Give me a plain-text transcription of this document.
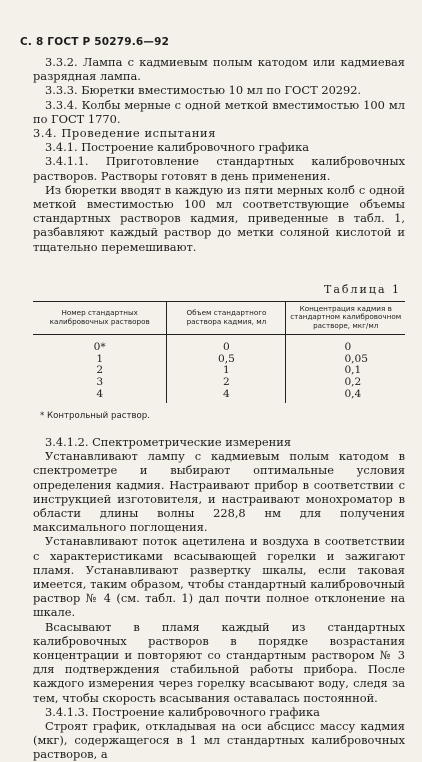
С. 8 ГОСТ Р 50279.6—92

3.3.2. Лампа с кадмиевым полым катодом или кадмиевая разрядная лампа.

3.3.3. Бюретки вместимостью 10 мл по ГОСТ 20292.

3.3.4. Колбы мерные с одной меткой вместимостью 100 мл по ГОСТ 1770.

3.4. Проведение испытания

3.4.1. Построение калибровочного графика

3.4.1.1. Приготовление стандартных калибровочных растворов. Растворы готовят в день применения.

Из бюретки вводят в каждую из пяти мерных колб с одной меткой вместимостью 100 мл соответствующие объемы стандартных растворов кадмия, приведенные в табл. 1, разбавляют каждый раствор до метки соляной кислотой и тщательно перемешивают.

Таблица 1
Номер стандартных калибровочных растворов	Объем стандартного раствора кадмия, мл	Концентрация кадмия в стандартном калибровочном растворе, мкг/мл
0*	0	0
1	0,5	0,05
2	1	0,1
3	2	0,2
4	4	0,4
* Контрольный раствор.

3.4.1.2. Спектрометрические измерения

Устанавливают лампу с кадмиевым полым катодом в спектрометре и выбирают оптимальные условия определения кадмия. Настраивают прибор в соответствии с инструкцией изготовителя, и настраивают монохроматор в области длины волны 228,8 нм для получения максимального поглощения.

Устанавливают поток ацетилена и воздуха в соответствии с характеристиками всасывающей горелки и зажигают пламя. Устанавливают развертку шкалы, если таковая имеется, таким образом, чтобы стандартный калибровочный раствор № 4 (см. табл. 1) дал почти полное отклонение на шкале.

Всасывают в пламя каждый из стандартных калибровочных растворов в порядке возрастания концентрации и повторяют со стандартным раствором № 3 для подтверждения стабильной работы прибора. После каждого измерения через горелку всасывают воду, следя за тем, чтобы скорость всасывания оставалась постоянной.

3.4.1.3. Построение калибровочного графика

Строят график, откладывая на оси абсцисс массу кадмия (мкг), содержащегося в 1 мл стандартных калибровочных растворов, а
